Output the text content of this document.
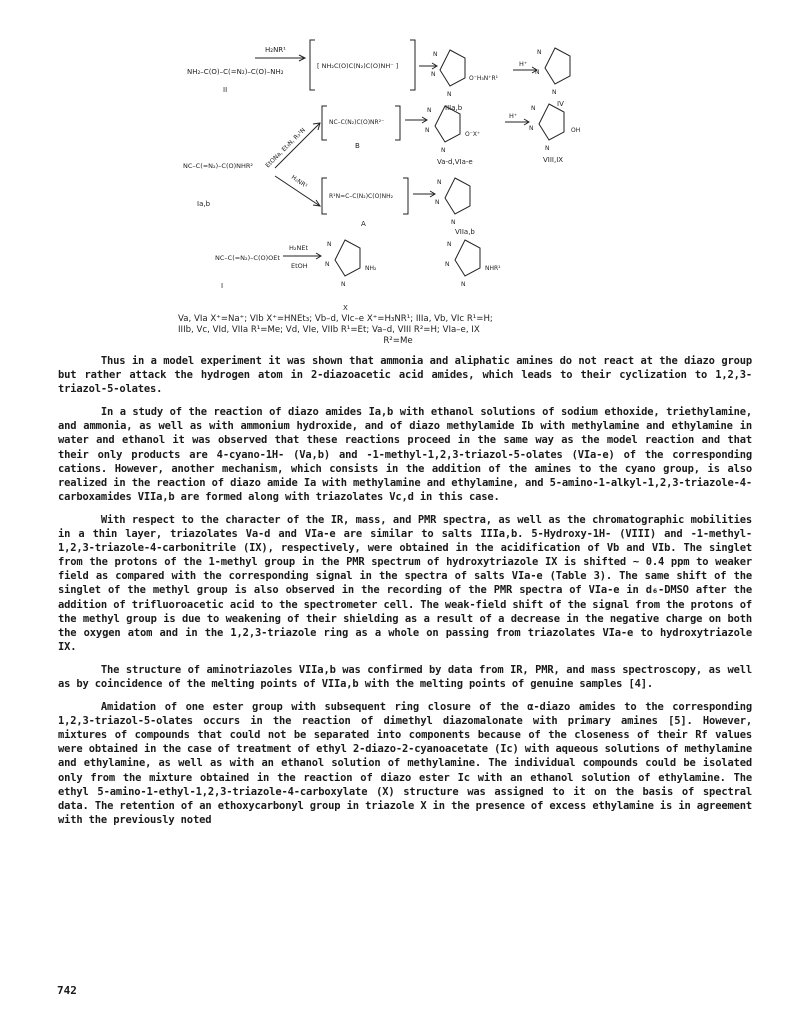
NH₂–C(O)–C(=N₂)–C(O)–NH₂
II
H₂NR¹
[ NH₂C(O)C(N₂)C(O)NH⁻ ]
N
N
N
O⁻H₃N⁺R¹
IIIa,b
H⁺
N
N
N
IV
NC–C(=N₂)–C(O)NHR²
Ia,b
EtONa, Et₃N, R₃¹N
H₂NR¹
NC–C(N₂)C(O)NR²⁻
B
N
N
N
O⁻X⁺
Va-d,VIa-e
H⁺
N
N
N
OH
VIII,IX
R¹N=C–C(N₂)C(O)NH₂
A
N
N
N
VIIa,b
NC–C(=N₂)–C(O)OEt
I
H₂NEt
EtOH
N
N
N
NH₂
X
N
N
N
NHR¹
Va, VIa X⁺=Na⁺; VIb X⁺=HNEt₃; Vb–d, VIc–e X⁺=H₃NR¹; IIIa, Vb, VIc R¹=H;
IIIb, Vc, VId, VIIa R¹=Me; Vd, VIe, VIIb R¹=Et; Va–d, VIII R²=H; VIa–e, IX
R²=Me

Thus in a model experiment it was shown that ammonia and aliphatic amines do not react at the diazo group but rather attack the hydrogen atom in 2-diazoacetic acid amides, which leads to their cyclization to 1,2,3-triazol-5-olates.

In a study of the reaction of diazo amides Ia,b with ethanol solutions of sodium ethoxide, triethylamine, and ammonia, as well as with ammonium hydroxide, and of diazo methylamide Ib with methylamine and ethylamine in water and ethanol it was observed that these reactions proceed in the same way as the model reaction and that their only products are 4-cyano-1H- (Va,b) and -1-methyl-1,2,3-triazol-5-olates (VIa-e) of the corresponding cations. However, another mechanism, which consists in the addition of the amines to the cyano group, is also realized in the reaction of diazo amide Ia with methylamine and ethylamine, and 5-amino-1-alkyl-1,2,3-triazole-4-carboxamides VIIa,b are formed along with triazolates Vc,d in this case.

With respect to the character of the IR, mass, and PMR spectra, as well as the chromatographic mobilities in a thin layer, triazolates Va-d and VIa-e are similar to salts IIIa,b. 5-Hydroxy-1H- (VIII) and -1-methyl-1,2,3-triazole-4-carbonitrile (IX), respectively, were obtained in the acidification of Vb and VIb. The singlet from the protons of the 1-methyl group in the PMR spectrum of hydroxytriazole IX is shifted ~ 0.4 ppm to weaker field as compared with the corresponding signal in the spectra of salts VIa-e (Table 3). The same shift of the singlet of the methyl group is also observed in the recording of the PMR spectra of VIa-e in d₆-DMSO after the addition of trifluoroacetic acid to the spectrometer cell. The weak-field shift of the signal from the protons of the methyl group is due to weakening of their shielding as a result of a decrease in the negative charge on both the oxygen atom and in the 1,2,3-triazole ring as a whole on passing from triazolates VIa-e to hydroxytriazole IX.

The structure of aminotriazoles VIIa,b was confirmed by data from IR, PMR, and mass spectroscopy, as well as by coincidence of the melting points of VIIa,b with the melting points of genuine samples [4].

Amidation of one ester group with subsequent ring closure of the α-diazo amides to the corresponding 1,2,3-triazol-5-olates occurs in the reaction of dimethyl diazomalonate with primary amines [5]. However, mixtures of compounds that could not be separated into components because of the closeness of their Rf values were obtained in the case of treatment of ethyl 2-diazo-2-cyanoacetate (Ic) with aqueous solutions of methylamine and ethylamine, as well as with an ethanol solution of methylamine. The individual compounds could be isolated only from the mixture obtained in the reaction of diazo ester Ic with an ethanol solution of ethylamine. The ethyl 5-amino-1-ethyl-1,2,3-triazole-4-carboxylate (X) structure was assigned to it on the basis of spectral data. The retention of an ethoxycarbonyl group in triazole X in the presence of excess ethylamine is in agreement with the previously noted

742
